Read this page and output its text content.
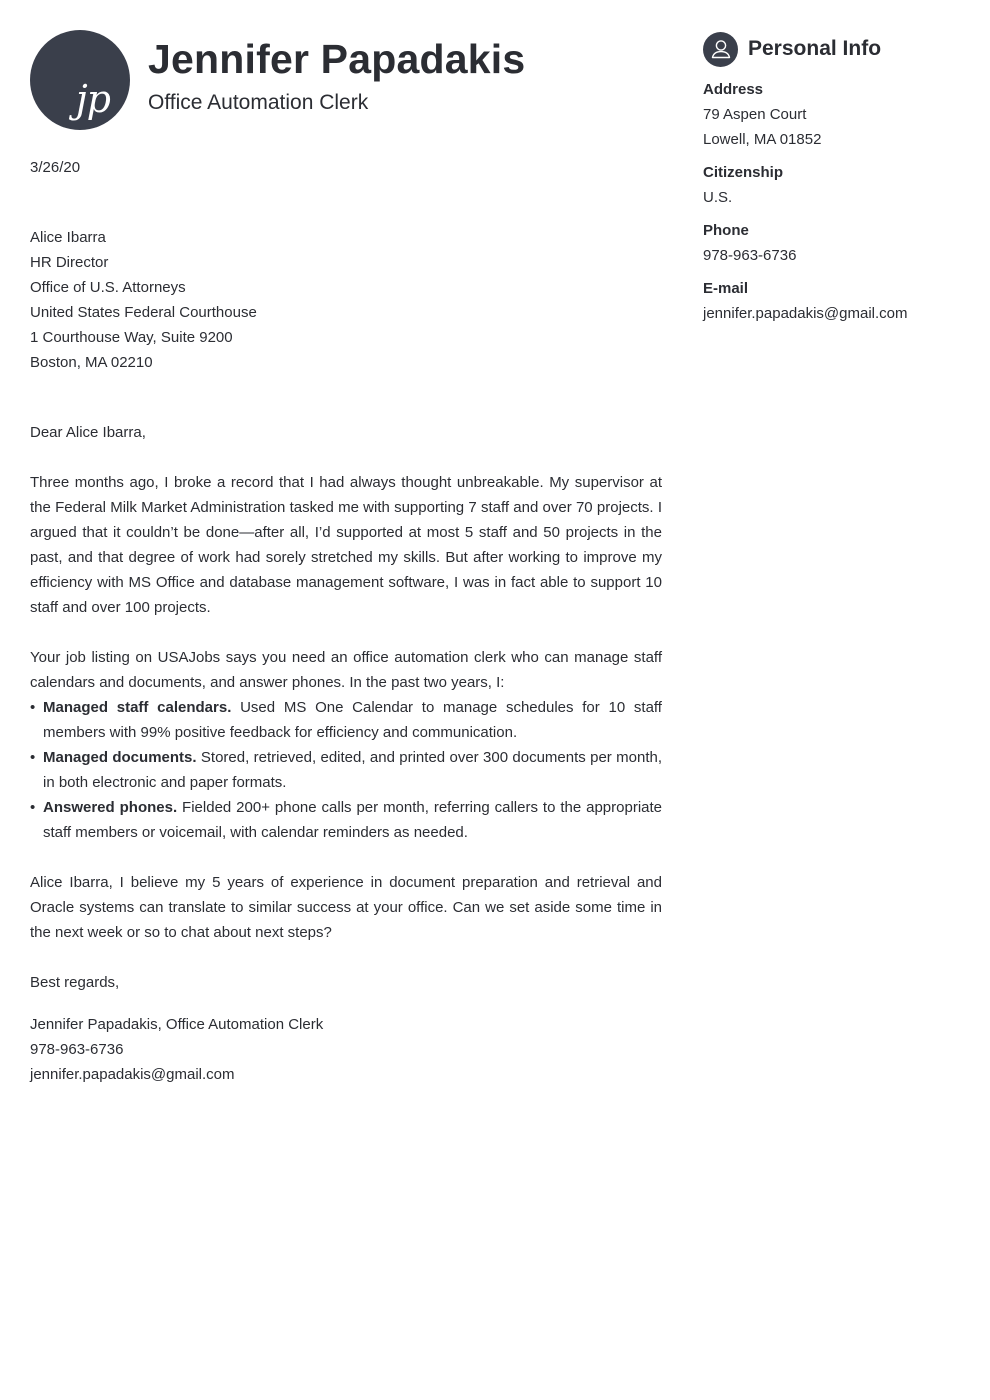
jp
Jennifer Papadakis
Office Automation Clerk
3/26/20
Alice Ibarra
HR Director
Office of U.S. Attorneys
United States Federal Courthouse
1 Courthouse Way, Suite 9200
Boston, MA 02210
Dear Alice Ibarra,
Three months ago, I broke a record that I had always thought unbreakable. My supervisor at the Federal Milk Market Administration tasked me with supporting 7 staff and over 70 projects. I argued that it couldn’t be done—after all, I’d supported at most 5 staff and 50 projects in the past, and that degree of work had sorely stretched my skills. But after working to improve my efficiency with MS Office and database management software, I was in fact able to support 10 staff and over 100 projects.
Your job listing on USAJobs says you need an office automation clerk who can manage staff calendars and documents, and answer phones. In the past two years, I:
• Managed staff calendars. Used MS One Calendar to manage schedules for 10 staff members with 99% positive feedback for efficiency and communication.
• Managed documents. Stored, retrieved, edited, and printed over 300 documents per month, in both electronic and paper formats.
• Answered phones. Fielded 200+ phone calls per month, referring callers to the appropriate staff members or voicemail, with calendar reminders as needed.
Alice Ibarra, I believe my 5 years of experience in document preparation and retrieval and Oracle systems can translate to similar success at your office. Can we set aside some time in the next week or so to chat about next steps?
Best regards,
Jennifer Papadakis, Office Automation Clerk
978-963-6736
jennifer.papadakis@gmail.com
Personal Info
Address
79 Aspen Court
Lowell, MA 01852
Citizenship
U.S.
Phone
978-963-6736
E-mail
jennifer.papadakis@gmail.com
